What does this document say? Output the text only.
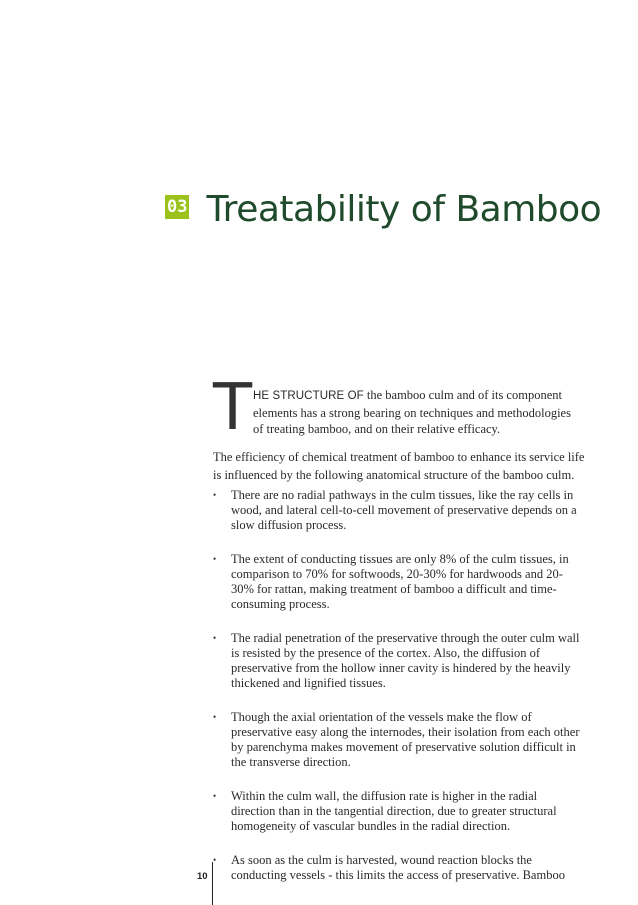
03 Treatability of Bamboo
T HE STRUCTURE OF the bamboo culm and of its component elements has a strong bearing on techniques and methodologies of treating bamboo, and on their relative efficacy.

The efficiency of chemical treatment of bamboo to enhance its service life is influenced by the following anatomical structure of the bamboo culm.

• There are no radial pathways in the culm tissues, like the ray cells in wood, and lateral cell-to-cell movement of preservative depends on a slow diffusion process.
• The extent of conducting tissues are only 8% of the culm tissues, in comparison to 70% for softwoods, 20-30% for hardwoods and 20-30% for rattan, making treatment of bamboo a difficult and time-consuming process.
• The radial penetration of the preservative through the outer culm wall is resisted by the presence of the cortex. Also, the diffusion of preservative from the hollow inner cavity is hindered by the heavily thickened and lignified tissues.
• Though the axial orientation of the vessels make the flow of preservative easy along the internodes, their isolation from each other by parenchyma makes movement of preservative solution difficult in the transverse direction.
• Within the culm wall, the diffusion rate is higher in the radial direction than in the tangential direction, due to greater structural homogeneity of vascular bundles in the radial direction.
• As soon as the culm is harvested, wound reaction blocks the conducting vessels - this limits the access of preservative. Bamboo
10
